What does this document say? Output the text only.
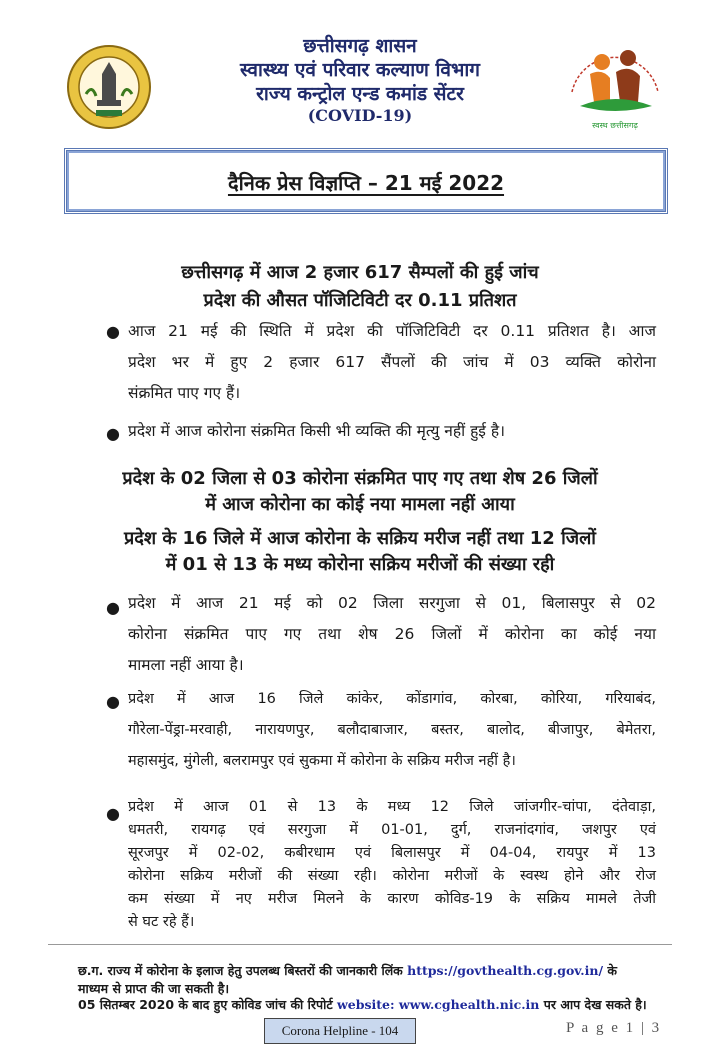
छत्तीसगढ़ शासन
स्वास्थ्य एवं परिवार कल्याण विभाग
राज्य कन्ट्रोल एन्ड कमांड सेंटर
(COVID-19)
स्वस्थ छत्तीसगढ़
दैनिक प्रेस विज्ञप्ति – 21 मई 2022
छत्तीसगढ़ में आज 2 हजार 617 सैम्पलों की हुई जांच
प्रदेश की औसत पॉजिटिविटी दर 0.11 प्रतिशत
● आज 21 मई की स्थिति में प्रदेश की पॉजिटिविटी दर 0.11 प्रतिशत है। आज
प्रदेश भर में हुए 2 हजार 617 सैंपलों की जांच में 03 व्यक्ति कोरोना
संक्रमित पाए गए हैं।
● प्रदेश में आज कोरोना संक्रमित किसी भी व्यक्ति की मृत्यु नहीं हुई है।
प्रदेश के 02 जिला से 03 कोरोना संक्रमित पाए गए तथा शेष 26 जिलों
में आज कोरोना का कोई नया मामला नहीं आया
प्रदेश के 16 जिले में आज कोरोना के सक्रिय मरीज नहीं तथा 12 जिलों
में 01 से 13 के मध्य कोरोना सक्रिय मरीजों की संख्या रही
● प्रदेश में आज 21 मई को 02 जिला सरगुजा से 01, बिलासपुर से 02
कोरोना संक्रमित पाए गए तथा शेष 26 जिलों में कोरोना का कोई नया
मामला नहीं आया है।
● प्रदेश में आज 16 जिले कांकेर, कोंडागांव, कोरबा, कोरिया, गरियाबंद,
गौरेला-पेंड्रा-मरवाही, नारायणपुर, बलौदाबाजार, बस्तर, बालोद, बीजापुर, बेमेतरा,
महासमुंद, मुंगेली, बलरामपुर एवं सुकमा में कोरोना के सक्रिय मरीज नहीं है।
● प्रदेश में आज 01 से 13 के मध्य 12 जिले जांजगीर-चांपा, दंतेवाड़ा,
धमतरी, रायगढ़ एवं सरगुजा में 01-01, दुर्ग, राजनांदगांव, जशपुर एवं
सूरजपुर में 02-02, कबीरधाम एवं बिलासपुर में 04-04, रायपुर में 13
कोरोना सक्रिय मरीजों की संख्या रही। कोरोना मरीजों के स्वस्थ होने और रोज
कम संख्या में नए मरीज मिलने के कारण कोविड-19 के सक्रिय मामले तेजी
से घट रहे हैं।
छ.ग. राज्य में कोरोना के इलाज हेतु उपलब्ध बिस्तरों की जानकारी लिंक https://govthealth.cg.gov.in/ के
माध्यम से प्राप्त की जा सकती है।
05 सितम्बर 2020 के बाद हुए कोविड जांच की रिपोर्ट website: www.cghealth.nic.in पर आप देख सकते है।
Corona Helpline - 104	P a g e 1 | 3
